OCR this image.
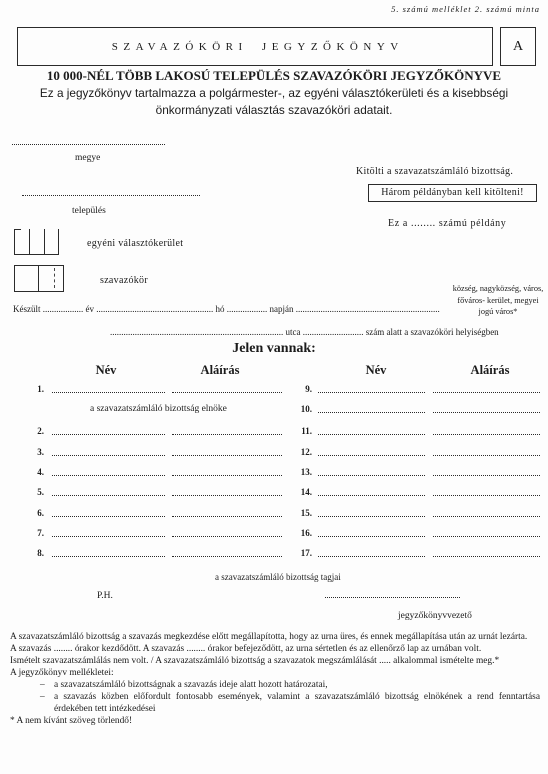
5. számú melléklet 2. számú minta
SZAVAZÓKÖRI JEGYZŐKÖNYV	A
10 000-NÉL TÖBB LAKOSÚ TELEPÜLÉS SZAVAZÓKÖRI JEGYZŐKÖNYVE
Ez a jegyzőkönyv tartalmazza a polgármester-, az egyéni választókerületi és a kisebbségi
önkormányzati választás szavazóköri adatait.
megye
Kitölti a szavazatszámláló bizottság.
Három példányban kell kitölteni!
település
Ez a ........ számú példány
egyéni választókerület
szavazókör
Készült .................. év .................................................... hó .................. napján ................................................................
község, nagyközség, város, főváros- kerület, megyei jogú város*
............................................................................. utca ........................... szám alatt a szavazóköri helyiségben
Jelen vannak:
Név	Aláírás	Név	Aláírás
1.	9.
a szavazatszámláló bizottság elnöke	10.
2.	11.
3.	12.
4.	13.
5.	14.
6.	15.
7.	16.
8.	17.
a szavazatszámláló bizottság tagjai
P.H.
jegyzőkönyvvezető

A szavazatszámláló bizottság a szavazás megkezdése előtt megállapította, hogy az urna üres, és ennek megállapítása után az urnát lezárta.

A szavazás ........ órakor kezdődött. A szavazás ........ órakor befejeződött, az urna sértetlen és az ellenőrző lap az urnában volt.

Ismételt szavazatszámlálás nem volt. / A szavazatszámláló bizottság a szavazatok megszámlálását ..... alkalommal ismételte meg.*

A jegyzőkönyv mellékletei:

– a szavazatszámláló bizottságnak a szavazás ideje alatt hozott határozatai,
– a szavazás közben előfordult fontosabb események, valamint a szavazatszámláló bizottság elnökének a rend fenntartása érdekében tett intézkedései

* A nem kívánt szöveg törlendő!
